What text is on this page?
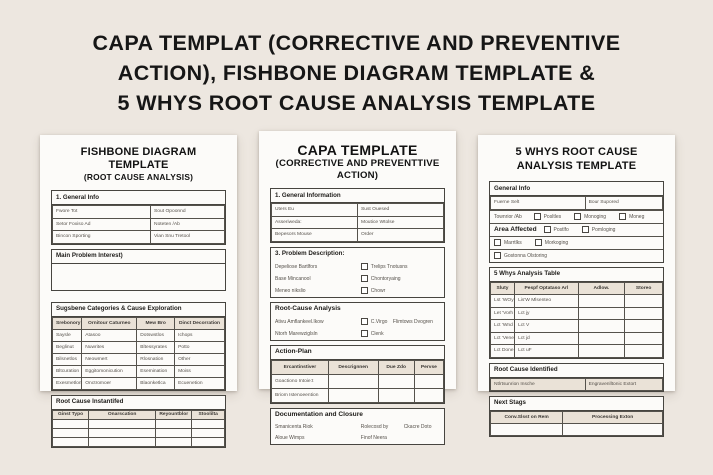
CAPA TEMPLAT (CORRECTIVE AND PREVENTIVE
ACTION), FISHBONE DIAGRAM TEMPLATE &
5 WHYS ROOT CAUSE ANALYSIS TEMPLATE
FISHBONE DIAGRAM TEMPLATE
(ROOT CAUSE ANALYSIS)
1. General Info
Fwore Tot	Sout Opoonnd
Setor Foxiso Ad	Noteten /Ab
Bincon Sporting	Vian Snu Tretool
Main Problem Interest)
Sugsbene Categories & Cause Exploration
Srebonory	Ornitour Caturneo	Mew Bro	Dinct Decorration
Saysle	Atasoo	Dotswstlos	Ichops
Beglinut	Nuwrites	Bltessyrates	Potto
Bilsnetlos	Neowmert	Rlosnation	Other
Bltcuration	Eggitomonicution	Esemination	Moiss
Exesmetlon	Onctromoer	Blaonketlca	Ecuenetion
Root Cause Instantifed
Ginst Typo	Onarscation	Reyountblor	Stoolilta

CAPA TEMPLATE
(CORRECTIVE AND PREVENTTIVE ACTION)
1. General Information
Uters Eu	Sust Ouesed
Asseriweda:	Moutice Wtolse
Bepesors Mouse	Order
3. Problem Description:
Depeliose Bartlfors	Trelips Tnotusns
Base Mincanool	Chontoryaing
Meneo nikslio	Chowr
Root-Cause Analysis
Ativu Amflankeel.Ikow	C.Virgo    Flimtows Dvogren
Ntorh Marewziglsln	Clenk
Action-Plan
Ercantinstiver	Descrignnen	Due Zdo	Pervse
Goactiono Intoie:t			
Briom Istenoeention			
Documentation and Closure
Smanicenta Riok	Rolecosd by	Ckacre Doto
Aloue Wimps	Finof Neera
5 WHYS ROOT CAUSE
ANALYSIS TEMPLATE
General Info
Fuerne Selt	Bour Supored
Townrior /Ab	Posltles	Monoging	Moneg
Area Affected	Postlfo	Pomloging
Marrtlks	Morkoging
Gostonna Olstoring
5 Whys Analysis Table
Sluty	Pespf Optataso Arl	Adlow.	Storeo
Lst 'WOy	Lis'W Mlsenteo		
Let 'Vorh	Lct jy		
Lct 'Wnd	Lct V		
Lct 'Vene	Lct jd		
Lct Done	Lct uF		
Root Cause Identified
Ntlrtsunrion Insche	Engravenlltonic Extort
Next Stags
Conv.Slsst on Rem	Processing Exton
